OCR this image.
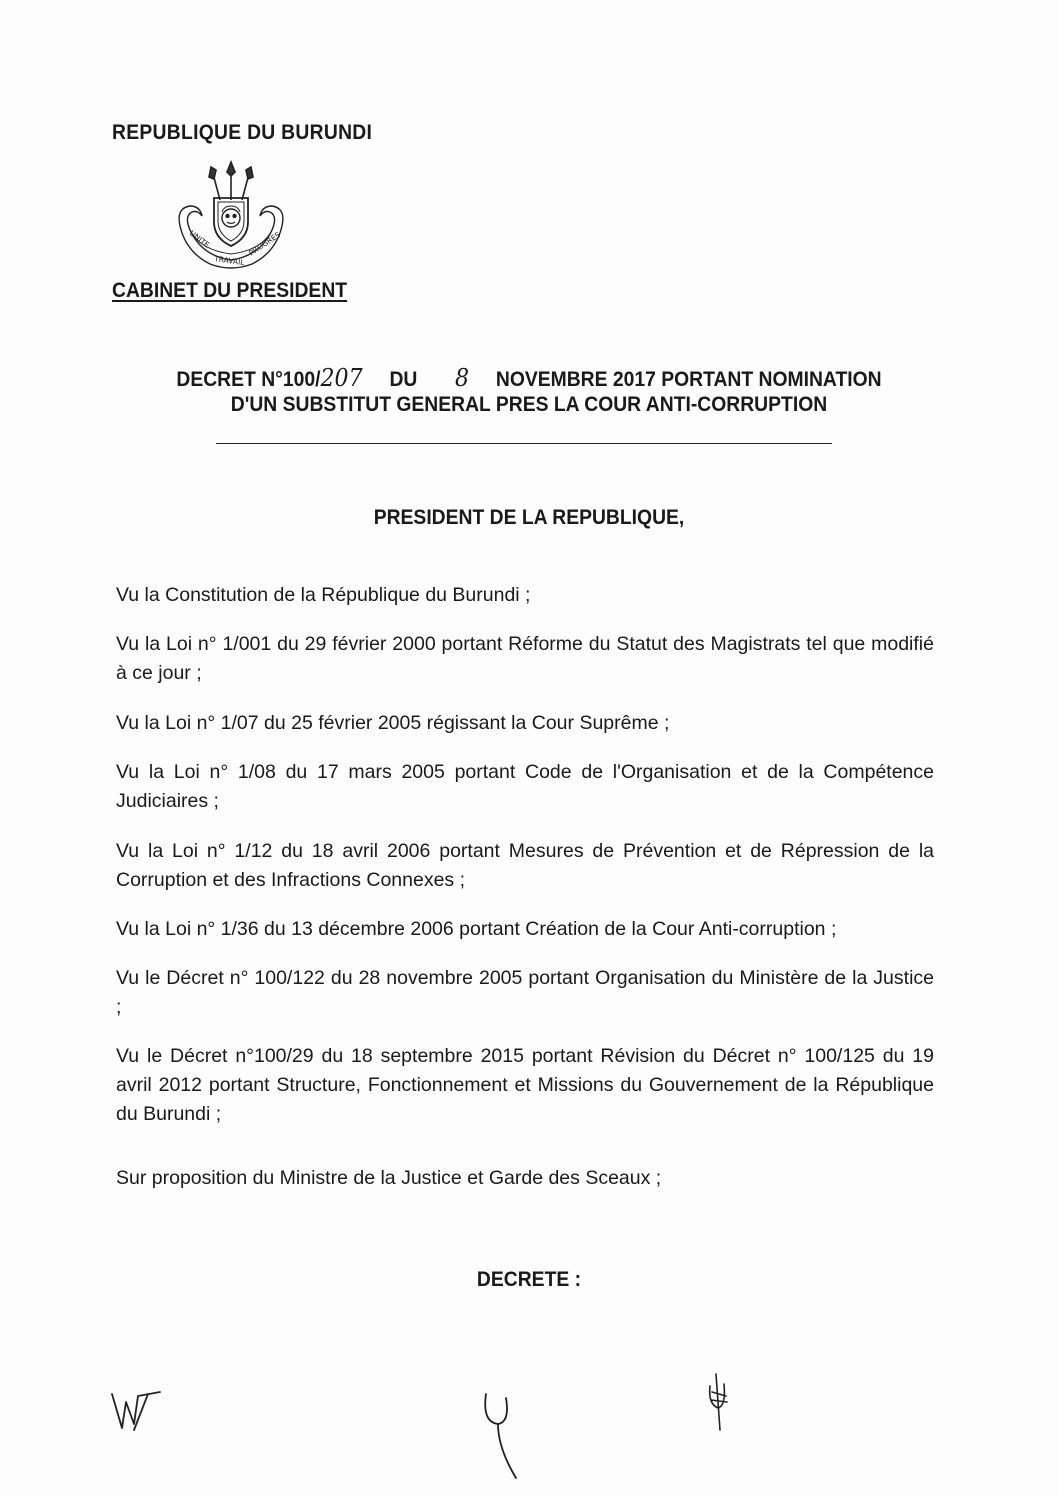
REPUBLIQUE DU BURUNDI
UNITE
TRAVAIL
PROGRES
CABINET DU PRESIDENT
DECRET N°100/207 DU 8 NOVEMBRE 2017 PORTANT NOMINATION
D'UN SUBSTITUT GENERAL PRES LA COUR ANTI-CORRUPTION
PRESIDENT DE LA REPUBLIQUE,
Vu la Constitution de la République du Burundi ;
Vu la Loi n° 1/001 du 29 février 2000 portant Réforme du Statut des Magistrats tel que modifié à ce jour ;
Vu la Loi n° 1/07 du 25 février 2005 régissant la Cour Suprême ;
Vu la Loi n° 1/08 du 17 mars 2005 portant Code de l'Organisation et de la Compétence Judiciaires ;
Vu la Loi n° 1/12 du 18 avril 2006 portant Mesures de Prévention et de Répression de la Corruption et des Infractions Connexes ;
Vu la Loi n° 1/36 du 13 décembre 2006 portant Création de la Cour Anti-corruption ;
Vu le Décret n° 100/122 du 28 novembre 2005 portant Organisation du Ministère de la Justice ;
Vu le Décret n°100/29 du 18 septembre 2015 portant Révision du Décret n° 100/125 du 19 avril 2012 portant Structure, Fonctionnement et Missions du Gouvernement de la République du Burundi ;
Sur proposition du Ministre de la Justice et Garde des Sceaux ;
DECRETE :
